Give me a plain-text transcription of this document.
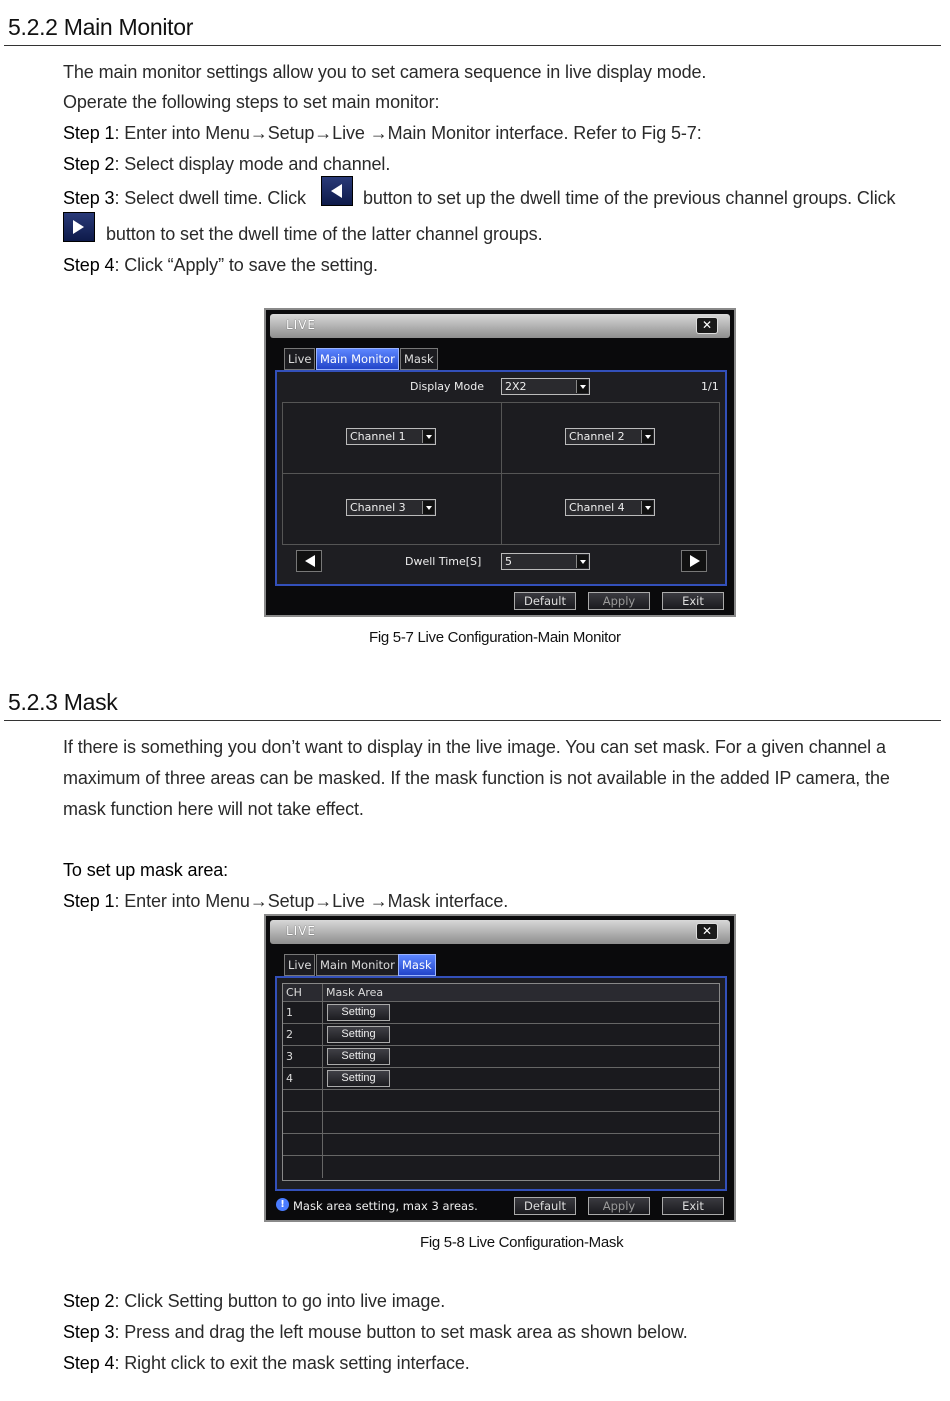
5.2.2 Main Monitor
The main monitor settings allow you to set camera sequence in live display mode.
Operate the following steps to set main monitor:
Step 1: Enter into Menu→Setup→Live →Main Monitor interface. Refer to Fig 5-7:
Step 2: Select display mode and channel.
Step 3: Select dwell time. Click	button to set up the dwell time of the previous channel groups. Click
button to set the dwell time of the latter channel groups.
Step 4: Click “Apply” to save the setting.
LIVE	✕
Live Main Monitor Mask
Display Mode	2X2	1/1
Channel 1	Channel 2
Channel 3	Channel 4
Dwell Time[S]	5
Default	Apply	Exit
Fig 5-7 Live Configuration-Main Monitor
5.2.3 Mask
If there is something you don’t want to display in the live image. You can set mask. For a given channel a
maximum of three areas can be masked. If the mask function is not available in the added IP camera, the
mask function here will not take effect.
To set up mask area:
Step 1: Enter into Menu→Setup→Live →Mask interface.
LIVE	✕
Live Main Monitor Mask
CH	Mask Area
1	Setting
2	Setting
3	Setting
4	Setting
! Mask area setting, max 3 areas.	Default	Apply	Exit
Fig 5-8 Live Configuration-Mask
Step 2: Click Setting button to go into live image.
Step 3: Press and drag the left mouse button to set mask area as shown below.
Step 4: Right click to exit the mask setting interface.
